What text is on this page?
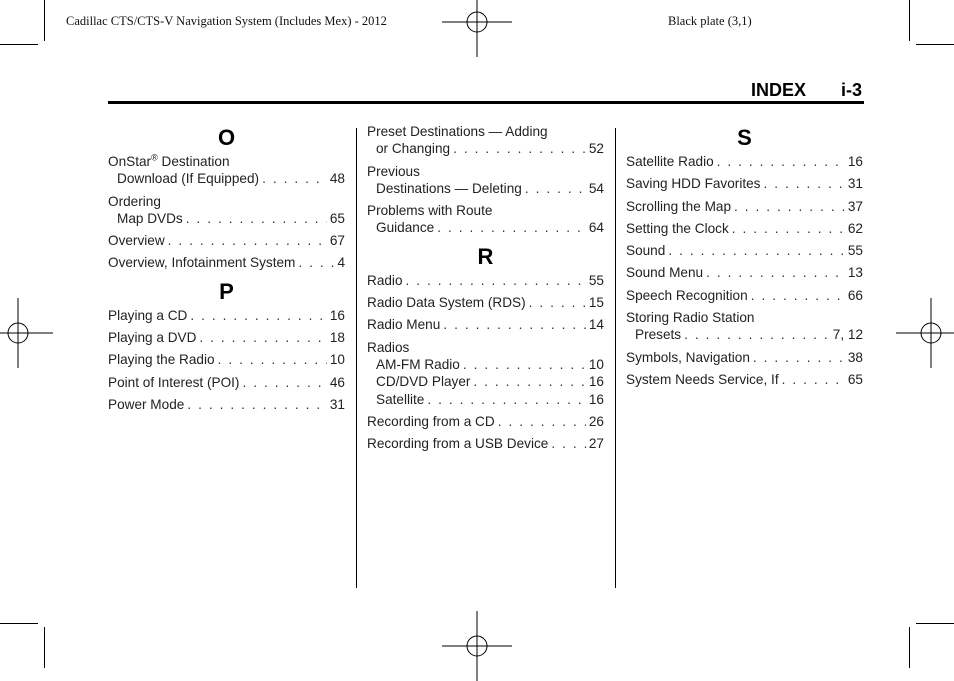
Cadillac CTS/CTS-V Navigation System (Includes Mex) - 2012	Black plate (3,1)
INDEX i-3
O
OnStar® Destination
Download (If Equipped) . . .	48
Ordering
Map DVDs . . .	65
Overview . . .	67
Overview, Infotainment System . . .	4
P
Playing a CD . . .	16
Playing a DVD . . .	18
Playing the Radio . . .	10
Point of Interest (POI) . . .	46
Power Mode . . .	31
Preset Destinations — Adding
or Changing . . .	52
Previous
Destinations — Deleting . . .	54
Problems with Route
Guidance . . .	64
R
Radio . . .	55
Radio Data System (RDS) . . .	15
Radio Menu . . .	14
Radios
AM-FM Radio . . .	10
CD/DVD Player . . .	16
Satellite . . .	16
Recording from a CD . . .	26
Recording from a USB Device . . .	27
S
Satellite Radio . . .	16
Saving HDD Favorites . . .	31
Scrolling the Map . . .	37
Setting the Clock . . .	62
Sound . . .	55
Sound Menu . . .	13
Speech Recognition . . .	66
Storing Radio Station
Presets . . .	7, 12
Symbols, Navigation . . .	38
System Needs Service, If . . .	65
